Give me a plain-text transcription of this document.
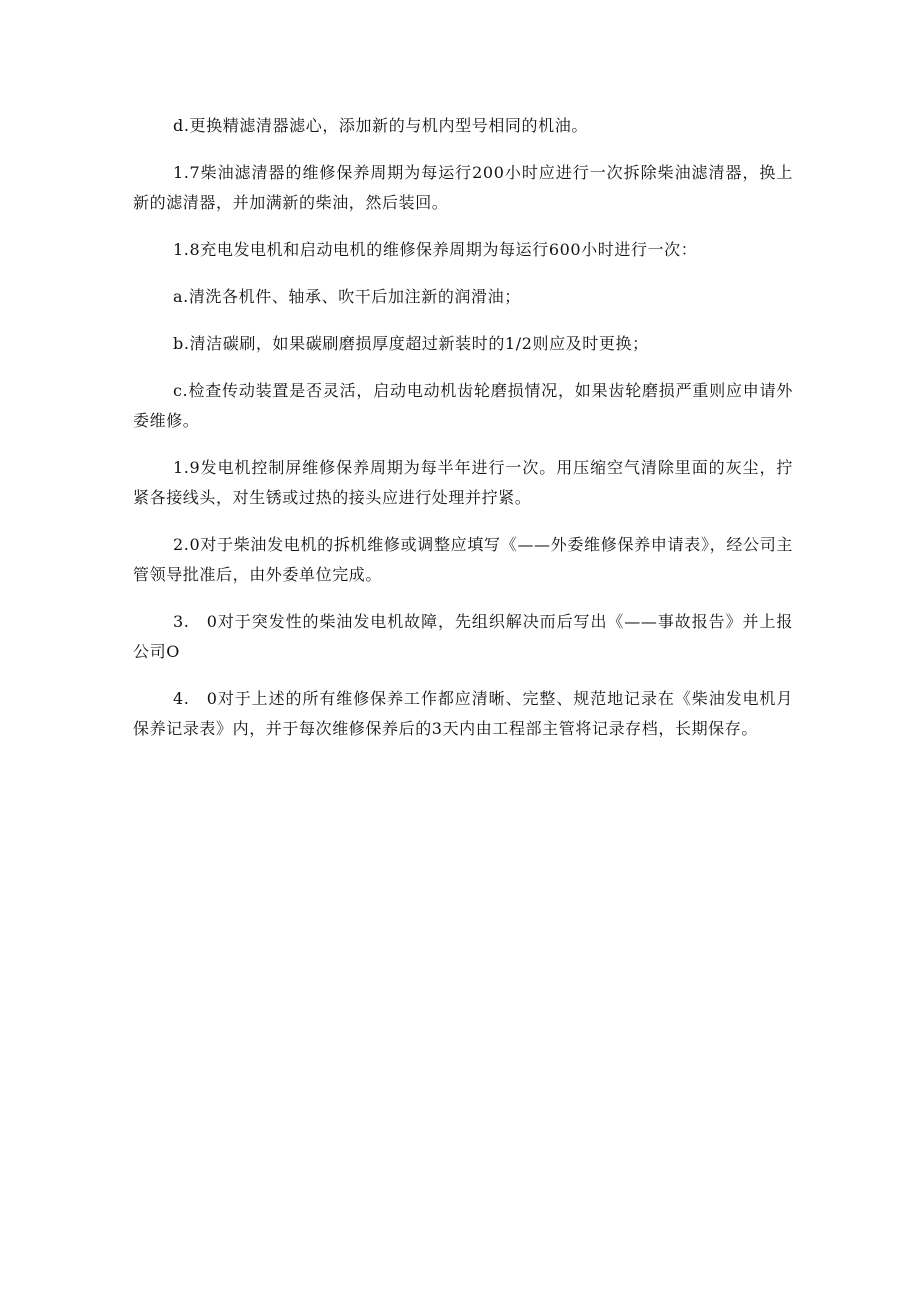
d.更换精滤清器滤心，添加新的与机内型号相同的机油。

1.7柴油滤清器的维修保养周期为每运行200小时应进行一次拆除柴油滤清器，换上新的滤清器，并加满新的柴油，然后装回。

1.8充电发电机和启动电机的维修保养周期为每运行600小时进行一次：

a.清洗各机件、轴承、吹干后加注新的润滑油；

b.清洁碳刷，如果碳刷磨损厚度超过新装时的1/2则应及时更换；

c.检查传动装置是否灵活，启动电动机齿轮磨损情况，如果齿轮磨损严重则应申请外委维修。

1.9发电机控制屏维修保养周期为每半年进行一次。用压缩空气清除里面的灰尘，拧紧各接线头，对生锈或过热的接头应进行处理并拧紧。

2.0对于柴油发电机的拆机维修或调整应填写《——外委维修保养申请表》，经公司主管领导批准后，由外委单位完成。

3.　0对于突发性的柴油发电机故障，先组织解决而后写出《——事故报告》并上报公司O

4.　0对于上述的所有维修保养工作都应清晰、完整、规范地记录在《柴油发电机月保养记录表》内，并于每次维修保养后的3天内由工程部主管将记录存档，长期保存。
